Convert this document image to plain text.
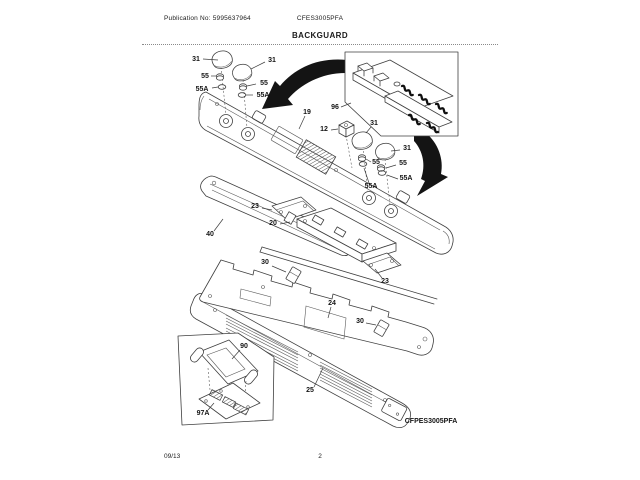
Publication No: 5995637964	CFES3005PFA
BACKGUARD
31	31
55
55A
55
55A
19
96
12
31
31
55	55
55A
55A
23
20
40
30
23
24
30
90
25
97A
CFPES3005PFA
09/13	2
